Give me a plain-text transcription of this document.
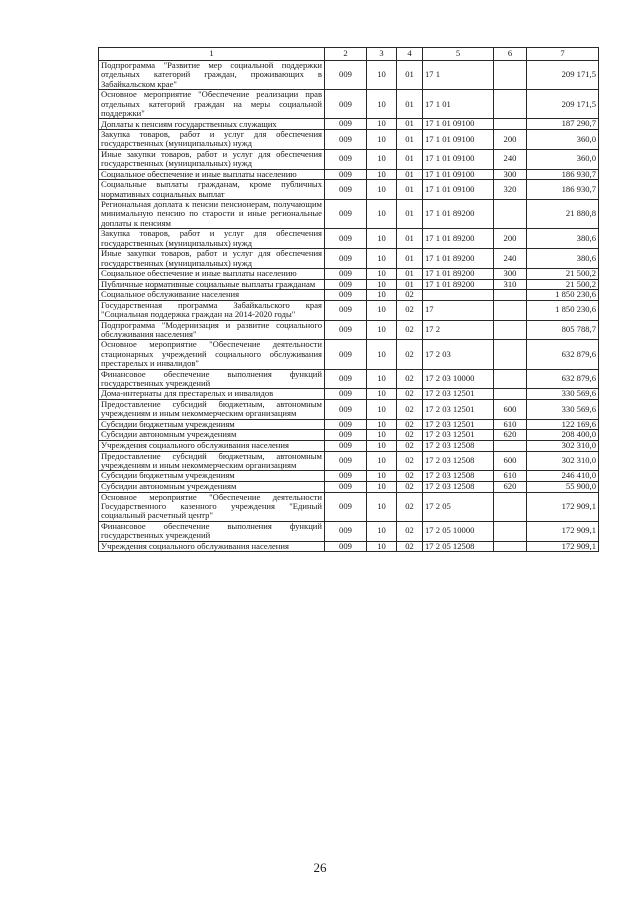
1	2	3	4	5	6	7
Подпрограмма "Развитие мер социальной поддержки отдельных категорий граждан, проживающих в Забайкальском крае"	009	10	01	17 1		209 171,5
Основное мероприятие "Обеспечение реализации прав отдельных категорий граждан на меры социальной поддержки"	009	10	01	17 1 01		209 171,5
Доплаты к пенсиям государственных служащих	009	10	01	17 1 01 09100		187 290,7
Закупка товаров, работ и услуг для обеспечения государственных (муниципальных) нужд	009	10	01	17 1 01 09100	200	360,0
Иные закупки товаров, работ и услуг для обеспечения государственных (муниципальных) нужд	009	10	01	17 1 01 09100	240	360,0
Социальное обеспечение и иные выплаты населению	009	10	01	17 1 01 09100	300	186 930,7
Социальные выплаты гражданам, кроме публичных нормативных социальных выплат	009	10	01	17 1 01 09100	320	186 930,7
Региональная доплата к пенсии пенсионерам, получающим минимальную пенсию по старости и иные региональные доплаты к пенсиям	009	10	01	17 1 01 89200		21 880,8
Закупка товаров, работ и услуг для обеспечения государственных (муниципальных) нужд	009	10	01	17 1 01 89200	200	380,6
Иные закупки товаров, работ и услуг для обеспечения государственных (муниципальных) нужд	009	10	01	17 1 01 89200	240	380,6
Социальное обеспечение и иные выплаты населению	009	10	01	17 1 01 89200	300	21 500,2
Публичные нормативные социальные выплаты гражданам	009	10	01	17 1 01 89200	310	21 500,2
Социальное обслуживание населения	009	10	02			1 850 230,6
Государственная программа Забайкальского края "Социальная поддержка граждан на 2014-2020 годы"	009	10	02	17		1 850 230,6
Подпрограмма "Модернизация и развитие социального обслуживания населения"	009	10	02	17 2		805 788,7
Основное мероприятие "Обеспечение деятельности стационарных учреждений социального обслуживания престарелых и инвалидов"	009	10	02	17 2 03		632 879,6
Финансовое обеспечение выполнения функций государственных учреждений	009	10	02	17 2 03 10000		632 879,6
Дома-интернаты для престарелых и инвалидов	009	10	02	17 2 03 12501		330 569,6
Предоставление субсидий бюджетным, автономным учреждениям и иным некоммерческим организациям	009	10	02	17 2 03 12501	600	330 569,6
Субсидии бюджетным учреждениям	009	10	02	17 2 03 12501	610	122 169,6
Субсидии автономным учреждениям	009	10	02	17 2 03 12501	620	208 400,0
Учреждения социального обслуживания населения	009	10	02	17 2 03 12508		302 310,0
Предоставление субсидий бюджетным, автономным учреждениям и иным некоммерческим организациям	009	10	02	17 2 03 12508	600	302 310,0
Субсидии бюджетным учреждениям	009	10	02	17 2 03 12508	610	246 410,0
Субсидии автономным учреждениям	009	10	02	17 2 03 12508	620	55 900,0
Основное мероприятие "Обеспечение деятельности Государственного казенного учреждения "Единый социальный расчетный центр"	009	10	02	17 2 05		172 909,1
Финансовое обеспечение выполнения функций государственных учреждений	009	10	02	17 2 05 10000		172 909,1
Учреждения социального обслуживания населения	009	10	02	17 2 05 12508		172 909,1
26
